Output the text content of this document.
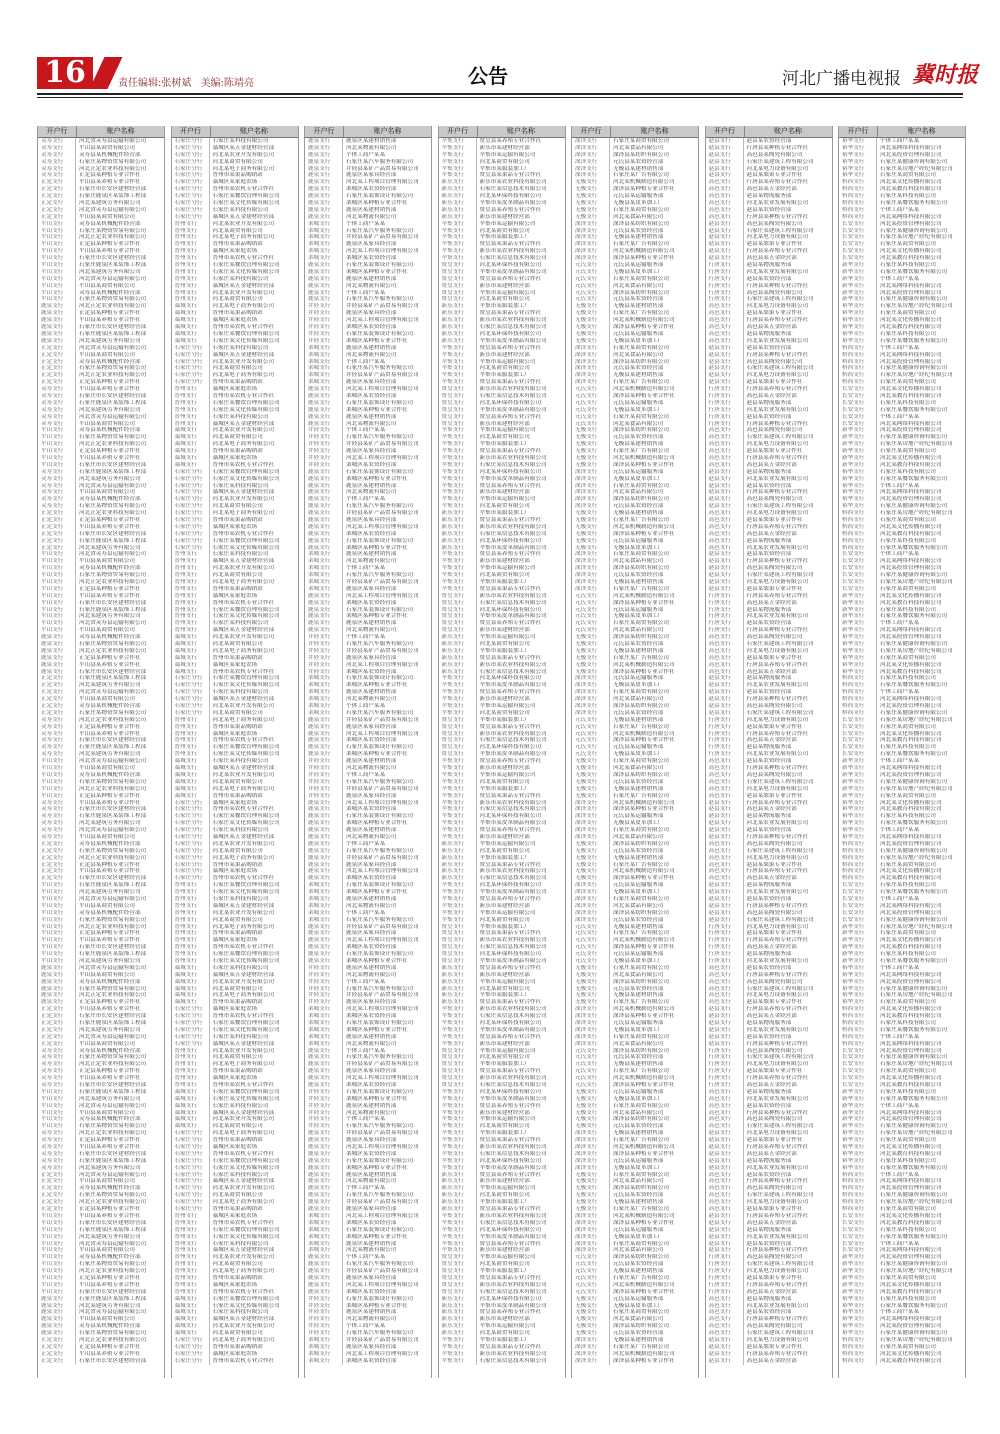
16	责任编辑:张树斌 美编:陈靖亮	公告	河北广播电视报 冀时报
开户行	账户名称
灵寿支行	河北省灵寿县运输有限公司
灵寿支行	平山县某商贸有限公司
灵寿支行	灵寿县某机械配件经营部
灵寿支行	石家庄某物资贸易有限公司
灵寿支行	河北正定农业科技有限公司
灵寿支行	正定县某种植专业合作社
正定支行	平山县某养殖专业合作社
正定支行	石家庄市长安区建材经营部
正定支行	石家庄鹿泉区某装饰工程部
正定支行	河北某建筑劳务有限公司
正定支行	河北省灵寿县运输有限公司
正定支行	平山县某商贸有限公司
平山支行	灵寿县某机械配件经营部
平山支行	石家庄某物资贸易有限公司
平山支行	河北正定农业科技有限公司
平山支行	正定县某种植专业合作社
平山支行	平山县某养殖专业合作社
平山支行	石家庄市长安区建材经营部
平山支行	石家庄鹿泉区某装饰工程部
平山支行	河北某建筑劳务有限公司
平山支行	河北省灵寿县运输有限公司
平山支行	平山县某商贸有限公司
平山支行	灵寿县某机械配件经营部
平山支行	石家庄某物资贸易有限公司
鹿泉支行	河北正定农业科技有限公司
鹿泉支行	正定县某种植专业合作社
鹿泉支行	平山县某养殖专业合作社
鹿泉支行	石家庄市长安区建材经营部
鹿泉支行	石家庄鹿泉区某装饰工程部
鹿泉支行	河北某建筑劳务有限公司
正定支行	河北省灵寿县运输有限公司
正定支行	平山县某商贸有限公司
正定支行	灵寿县某机械配件经营部
正定支行	石家庄某物资贸易有限公司
正定支行	河北正定农业科技有限公司
正定支行	正定县某种植专业合作社
灵寿支行	平山县某养殖专业合作社
灵寿支行	石家庄市长安区建材经营部
灵寿支行	石家庄鹿泉区某装饰工程部
灵寿支行	河北某建筑劳务有限公司
灵寿支行	河北省灵寿县运输有限公司
灵寿支行	平山县某商贸有限公司
平山支行	灵寿县某机械配件经营部
平山支行	石家庄某物资贸易有限公司
平山支行	河北正定农业科技有限公司
平山支行	正定县某种植专业合作社
平山支行	平山县某养殖专业合作社
平山支行	石家庄市长安区建材经营部
灵寿支行	石家庄鹿泉区某装饰工程部
灵寿支行	河北某建筑劳务有限公司
灵寿支行	河北省灵寿县运输有限公司
灵寿支行	平山县某商贸有限公司
灵寿支行	灵寿县某机械配件经营部
灵寿支行	石家庄某物资贸易有限公司
正定支行	河北正定农业科技有限公司
正定支行	正定县某种植专业合作社
正定支行	平山县某养殖专业合作社
正定支行	石家庄市长安区建材经营部
正定支行	石家庄鹿泉区某装饰工程部
正定支行	河北某建筑劳务有限公司
平山支行	河北省灵寿县运输有限公司
平山支行	平山县某商贸有限公司
平山支行	灵寿县某机械配件经营部
平山支行	石家庄某物资贸易有限公司
平山支行	河北正定农业科技有限公司
平山支行	正定县某种植专业合作社
平山支行	平山县某养殖专业合作社
平山支行	石家庄市长安区建材经营部
平山支行	石家庄鹿泉区某装饰工程部
平山支行	河北某建筑劳务有限公司
平山支行	河北省灵寿县运输有限公司
平山支行	平山县某商贸有限公司
鹿泉支行	灵寿县某机械配件经营部
鹿泉支行	石家庄某物资贸易有限公司
鹿泉支行	河北正定农业科技有限公司
鹿泉支行	正定县某种植专业合作社
鹿泉支行	平山县某养殖专业合作社
鹿泉支行	石家庄市长安区建材经营部
正定支行	石家庄鹿泉区某装饰工程部
正定支行	河北某建筑劳务有限公司
正定支行	河北省灵寿县运输有限公司
正定支行	平山县某商贸有限公司
正定支行	灵寿县某机械配件经营部
正定支行	石家庄某物资贸易有限公司
灵寿支行	河北正定农业科技有限公司
灵寿支行	正定县某种植专业合作社
灵寿支行	平山县某养殖专业合作社
灵寿支行	石家庄市长安区建材经营部
灵寿支行	石家庄鹿泉区某装饰工程部
灵寿支行	河北某建筑劳务有限公司
平山支行	河北省灵寿县运输有限公司
平山支行	平山县某商贸有限公司
平山支行	灵寿县某机械配件经营部
平山支行	石家庄某物资贸易有限公司
平山支行	河北正定农业科技有限公司
平山支行	正定县某种植专业合作社
灵寿支行	平山县某养殖专业合作社
灵寿支行	石家庄市长安区建材经营部
灵寿支行	石家庄鹿泉区某装饰工程部
灵寿支行	河北某建筑劳务有限公司
灵寿支行	河北省灵寿县运输有限公司
灵寿支行	平山县某商贸有限公司
正定支行	灵寿县某机械配件经营部
正定支行	石家庄某物资贸易有限公司
正定支行	河北正定农业科技有限公司
正定支行	正定县某种植专业合作社
正定支行	平山县某养殖专业合作社
正定支行	石家庄市长安区建材经营部
平山支行	石家庄鹿泉区某装饰工程部
平山支行	河北某建筑劳务有限公司
平山支行	河北省灵寿县运输有限公司
平山支行	平山县某商贸有限公司
平山支行	灵寿县某机械配件经营部
平山支行	石家庄某物资贸易有限公司
平山支行	河北正定农业科技有限公司
平山支行	正定县某种植专业合作社
平山支行	平山县某养殖专业合作社
平山支行	石家庄市长安区建材经营部
平山支行	石家庄鹿泉区某装饰工程部
平山支行	河北某建筑劳务有限公司
鹿泉支行	河北省灵寿县运输有限公司
鹿泉支行	平山县某商贸有限公司
鹿泉支行	灵寿县某机械配件经营部
鹿泉支行	石家庄某物资贸易有限公司
鹿泉支行	河北正定农业科技有限公司
鹿泉支行	正定县某种植专业合作社
正定支行	平山县某养殖专业合作社
正定支行	石家庄市长安区建材经营部
正定支行	石家庄鹿泉区某装饰工程部
正定支行	河北某建筑劳务有限公司
正定支行	河北省灵寿县运输有限公司
正定支行	平山县某商贸有限公司
灵寿支行	灵寿县某机械配件经营部
灵寿支行	石家庄某物资贸易有限公司
灵寿支行	河北正定农业科技有限公司
灵寿支行	正定县某种植专业合作社
灵寿支行	平山县某养殖专业合作社
灵寿支行	石家庄市长安区建材经营部
平山支行	石家庄鹿泉区某装饰工程部
平山支行	河北某建筑劳务有限公司
平山支行	河北省灵寿县运输有限公司
平山支行	平山县某商贸有限公司
平山支行	灵寿县某机械配件经营部
平山支行	石家庄某物资贸易有限公司
灵寿支行	河北正定农业科技有限公司
灵寿支行	正定县某种植专业合作社
灵寿支行	平山县某养殖专业合作社
灵寿支行	石家庄市长安区建材经营部
灵寿支行	石家庄鹿泉区某装饰工程部
灵寿支行	河北某建筑劳务有限公司
正定支行	河北省灵寿县运输有限公司
正定支行	平山县某商贸有限公司
正定支行	灵寿县某机械配件经营部
正定支行	石家庄某物资贸易有限公司
正定支行	河北正定农业科技有限公司
正定支行	正定县某种植专业合作社
平山支行	平山县某养殖专业合作社
平山支行	石家庄市长安区建材经营部
平山支行	石家庄鹿泉区某装饰工程部
平山支行	河北某建筑劳务有限公司
平山支行	河北省灵寿县运输有限公司
平山支行	平山县某商贸有限公司
平山支行	灵寿县某机械配件经营部
平山支行	石家庄某物资贸易有限公司
平山支行	河北正定农业科技有限公司
平山支行	正定县某种植专业合作社
平山支行	平山县某养殖专业合作社
平山支行	石家庄市长安区建材经营部
鹿泉支行	石家庄鹿泉区某装饰工程部
鹿泉支行	河北某建筑劳务有限公司
鹿泉支行	河北省灵寿县运输有限公司
鹿泉支行	平山县某商贸有限公司
鹿泉支行	灵寿县某机械配件经营部
鹿泉支行	石家庄某物资贸易有限公司
正定支行	河北正定农业科技有限公司
正定支行	正定县某种植专业合作社
正定支行	平山县某养殖专业合作社
正定支行	石家庄市长安区建材经营部
开户行	账户名称
石家庄分行	石家庄某科技有限公司
石家庄分行	藁城区某五金建材经营部
石家庄分行	河北某农业开发有限公司
石家庄分行	河北某商贸有限公司
石家庄分行	河北某电子商务有限公司
石家庄分行	晋州市某果品购销站
石家庄分行	藁城区某家庭农场
石家庄分行	晋州市某农机专业合作社
石家庄分行	石家庄某餐饮管理有限公司
石家庄分行	石家庄某文化传媒有限公司
石家庄分行	石家庄某科技有限公司
石家庄分行	藁城区某五金建材经营部
晋州支行	河北某农业开发有限公司
晋州支行	河北某商贸有限公司
晋州支行	河北某电子商务有限公司
晋州支行	晋州市某果品购销站
晋州支行	藁城区某家庭农场
晋州支行	晋州市某农机专业合作社
晋州支行	石家庄某餐饮管理有限公司
晋州支行	石家庄某文化传媒有限公司
晋州支行	石家庄某科技有限公司
晋州支行	藁城区某五金建材经营部
晋州支行	河北某农业开发有限公司
晋州支行	河北某商贸有限公司
藁城支行	河北某电子商务有限公司
藁城支行	晋州市某果品购销站
藁城支行	藁城区某家庭农场
藁城支行	晋州市某农机专业合作社
藁城支行	石家庄某餐饮管理有限公司
藁城支行	石家庄某文化传媒有限公司
石家庄分行	石家庄某科技有限公司
石家庄分行	藁城区某五金建材经营部
石家庄分行	河北某农业开发有限公司
石家庄分行	河北某商贸有限公司
石家庄分行	河北某电子商务有限公司
石家庄分行	晋州市某果品购销站
晋州支行	藁城区某家庭农场
晋州支行	晋州市某农机专业合作社
晋州支行	石家庄某餐饮管理有限公司
晋州支行	石家庄某文化传媒有限公司
晋州支行	石家庄某科技有限公司
晋州支行	藁城区某五金建材经营部
藁城支行	河北某农业开发有限公司
藁城支行	河北某商贸有限公司
藁城支行	河北某电子商务有限公司
藁城支行	晋州市某果品购销站
藁城支行	藁城区某家庭农场
藁城支行	晋州市某农机专业合作社
石家庄分行	石家庄某餐饮管理有限公司
石家庄分行	石家庄某文化传媒有限公司
石家庄分行	石家庄某科技有限公司
石家庄分行	藁城区某五金建材经营部
石家庄分行	河北某农业开发有限公司
石家庄分行	河北某商贸有限公司
石家庄分行	河北某电子商务有限公司
石家庄分行	晋州市某果品购销站
石家庄分行	藁城区某家庭农场
石家庄分行	晋州市某农机专业合作社
石家庄分行	石家庄某餐饮管理有限公司
石家庄分行	石家庄某文化传媒有限公司
晋州支行	石家庄某科技有限公司
晋州支行	藁城区某五金建材经营部
晋州支行	河北某农业开发有限公司
晋州支行	河北某商贸有限公司
晋州支行	河北某电子商务有限公司
晋州支行	晋州市某果品购销站
晋州支行	藁城区某家庭农场
晋州支行	晋州市某农机专业合作社
晋州支行	石家庄某餐饮管理有限公司
晋州支行	石家庄某文化传媒有限公司
晋州支行	石家庄某科技有限公司
晋州支行	藁城区某五金建材经营部
藁城支行	河北某农业开发有限公司
藁城支行	河北某商贸有限公司
藁城支行	河北某电子商务有限公司
藁城支行	晋州市某果品购销站
藁城支行	藁城区某家庭农场
藁城支行	晋州市某农机专业合作社
石家庄分行	石家庄某餐饮管理有限公司
石家庄分行	石家庄某文化传媒有限公司
石家庄分行	石家庄某科技有限公司
石家庄分行	藁城区某五金建材经营部
石家庄分行	河北某农业开发有限公司
石家庄分行	河北某商贸有限公司
晋州支行	河北某电子商务有限公司
晋州支行	晋州市某果品购销站
晋州支行	藁城区某家庭农场
晋州支行	晋州市某农机专业合作社
晋州支行	石家庄某餐饮管理有限公司
晋州支行	石家庄某文化传媒有限公司
藁城支行	石家庄某科技有限公司
藁城支行	藁城区某五金建材经营部
藁城支行	河北某农业开发有限公司
藁城支行	河北某商贸有限公司
藁城支行	河北某电子商务有限公司
藁城支行	晋州市某果品购销站
石家庄分行	藁城区某家庭农场
石家庄分行	晋州市某农机专业合作社
石家庄分行	石家庄某餐饮管理有限公司
石家庄分行	石家庄某文化传媒有限公司
石家庄分行	石家庄某科技有限公司
石家庄分行	藁城区某五金建材经营部
石家庄分行	河北某农业开发有限公司
石家庄分行	河北某商贸有限公司
石家庄分行	河北某电子商务有限公司
石家庄分行	晋州市某果品购销站
石家庄分行	藁城区某家庭农场
石家庄分行	晋州市某农机专业合作社
晋州支行	石家庄某餐饮管理有限公司
晋州支行	石家庄某文化传媒有限公司
晋州支行	石家庄某科技有限公司
晋州支行	藁城区某五金建材经营部
晋州支行	河北某农业开发有限公司
晋州支行	河北某商贸有限公司
晋州支行	河北某电子商务有限公司
晋州支行	晋州市某果品购销站
晋州支行	藁城区某家庭农场
晋州支行	晋州市某农机专业合作社
晋州支行	石家庄某餐饮管理有限公司
晋州支行	石家庄某文化传媒有限公司
藁城支行	石家庄某科技有限公司
藁城支行	藁城区某五金建材经营部
藁城支行	河北某农业开发有限公司
藁城支行	河北某商贸有限公司
藁城支行	河北某电子商务有限公司
藁城支行	晋州市某果品购销站
石家庄分行	藁城区某家庭农场
石家庄分行	晋州市某农机专业合作社
石家庄分行	石家庄某餐饮管理有限公司
石家庄分行	石家庄某文化传媒有限公司
石家庄分行	石家庄某科技有限公司
石家庄分行	藁城区某五金建材经营部
晋州支行	河北某农业开发有限公司
晋州支行	河北某商贸有限公司
晋州支行	河北某电子商务有限公司
晋州支行	晋州市某果品购销站
晋州支行	藁城区某家庭农场
晋州支行	晋州市某农机专业合作社
藁城支行	石家庄某餐饮管理有限公司
藁城支行	石家庄某文化传媒有限公司
藁城支行	石家庄某科技有限公司
藁城支行	藁城区某五金建材经营部
藁城支行	河北某农业开发有限公司
藁城支行	河北某商贸有限公司
石家庄分行	河北某电子商务有限公司
石家庄分行	晋州市某果品购销站
石家庄分行	藁城区某家庭农场
石家庄分行	晋州市某农机专业合作社
石家庄分行	石家庄某餐饮管理有限公司
石家庄分行	石家庄某文化传媒有限公司
石家庄分行	石家庄某科技有限公司
石家庄分行	藁城区某五金建材经营部
石家庄分行	河北某农业开发有限公司
石家庄分行	河北某商贸有限公司
石家庄分行	河北某电子商务有限公司
石家庄分行	晋州市某果品购销站
晋州支行	藁城区某家庭农场
晋州支行	晋州市某农机专业合作社
晋州支行	石家庄某餐饮管理有限公司
晋州支行	石家庄某文化传媒有限公司
晋州支行	石家庄某科技有限公司
晋州支行	藁城区某五金建材经营部
晋州支行	河北某农业开发有限公司
晋州支行	河北某商贸有限公司
晋州支行	河北某电子商务有限公司
晋州支行	晋州市某果品购销站
晋州支行	藁城区某家庭农场
晋州支行	晋州市某农机专业合作社
藁城支行	石家庄某餐饮管理有限公司
藁城支行	石家庄某文化传媒有限公司
藁城支行	石家庄某科技有限公司
藁城支行	藁城区某五金建材经营部
藁城支行	河北某农业开发有限公司
藁城支行	河北某商贸有限公司
石家庄分行	河北某电子商务有限公司
石家庄分行	晋州市某果品购销站
石家庄分行	藁城区某家庭农场
石家庄分行	晋州市某农机专业合作社
开户行	账户名称
鹿泉支行	鹿泉区某建材销售部
鹿泉支行	河北某物流有限公司
鹿泉支行	个体工商户某某
鹿泉支行	石家庄某汽车服务有限公司
鹿泉支行	井陉县某矿产品贸易有限公司
鹿泉支行	鹿泉区某家具经营部
鹿泉支行	河北某工程项目管理有限公司
鹿泉支行	栾城区某农资经营部
鹿泉支行	石家庄某装饰设计有限公司
鹿泉支行	栾城区某种植专业合作社
鹿泉支行	鹿泉区某建材销售部
鹿泉支行	河北某物流有限公司
栾城支行	个体工商户某某
栾城支行	石家庄某汽车服务有限公司
栾城支行	井陉县某矿产品贸易有限公司
栾城支行	鹿泉区某家具经营部
栾城支行	河北某工程项目管理有限公司
栾城支行	栾城区某农资经营部
鹿泉支行	石家庄某装饰设计有限公司
鹿泉支行	栾城区某种植专业合作社
鹿泉支行	鹿泉区某建材销售部
鹿泉支行	河北某物流有限公司
鹿泉支行	个体工商户某某
鹿泉支行	石家庄某汽车服务有限公司
井陉支行	井陉县某矿产品贸易有限公司
井陉支行	鹿泉区某家具经营部
井陉支行	河北某工程项目管理有限公司
井陉支行	栾城区某农资经营部
井陉支行	石家庄某装饰设计有限公司
井陉支行	栾城区某种植专业合作社
栾城支行	鹿泉区某建材销售部
栾城支行	河北某物流有限公司
栾城支行	个体工商户某某
栾城支行	石家庄某汽车服务有限公司
栾城支行	井陉县某矿产品贸易有限公司
栾城支行	鹿泉区某家具经营部
鹿泉支行	河北某工程项目管理有限公司
鹿泉支行	栾城区某农资经营部
鹿泉支行	石家庄某装饰设计有限公司
鹿泉支行	栾城区某种植专业合作社
鹿泉支行	鹿泉区某建材销售部
鹿泉支行	河北某物流有限公司
井陉支行	个体工商户某某
井陉支行	石家庄某汽车服务有限公司
井陉支行	井陉县某矿产品贸易有限公司
井陉支行	鹿泉区某家具经营部
井陉支行	河北某工程项目管理有限公司
井陉支行	栾城区某农资经营部
鹿泉支行	石家庄某装饰设计有限公司
鹿泉支行	栾城区某种植专业合作社
鹿泉支行	鹿泉区某建材销售部
鹿泉支行	河北某物流有限公司
鹿泉支行	个体工商户某某
鹿泉支行	石家庄某汽车服务有限公司
鹿泉支行	井陉县某矿产品贸易有限公司
鹿泉支行	鹿泉区某家具经营部
鹿泉支行	河北某工程项目管理有限公司
鹿泉支行	栾城区某农资经营部
鹿泉支行	石家庄某装饰设计有限公司
鹿泉支行	栾城区某种植专业合作社
栾城支行	鹿泉区某建材销售部
栾城支行	河北某物流有限公司
栾城支行	个体工商户某某
栾城支行	石家庄某汽车服务有限公司
栾城支行	井陉县某矿产品贸易有限公司
栾城支行	鹿泉区某家具经营部
鹿泉支行	河北某工程项目管理有限公司
鹿泉支行	栾城区某农资经营部
鹿泉支行	石家庄某装饰设计有限公司
鹿泉支行	栾城区某种植专业合作社
鹿泉支行	鹿泉区某建材销售部
鹿泉支行	河北某物流有限公司
井陉支行	个体工商户某某
井陉支行	石家庄某汽车服务有限公司
井陉支行	井陉县某矿产品贸易有限公司
井陉支行	鹿泉区某家具经营部
井陉支行	河北某工程项目管理有限公司
井陉支行	栾城区某农资经营部
栾城支行	石家庄某装饰设计有限公司
栾城支行	栾城区某种植专业合作社
栾城支行	鹿泉区某建材销售部
栾城支行	河北某物流有限公司
栾城支行	个体工商户某某
栾城支行	石家庄某汽车服务有限公司
鹿泉支行	井陉县某矿产品贸易有限公司
鹿泉支行	鹿泉区某家具经营部
鹿泉支行	河北某工程项目管理有限公司
鹿泉支行	栾城区某农资经营部
鹿泉支行	石家庄某装饰设计有限公司
鹿泉支行	栾城区某种植专业合作社
井陉支行	鹿泉区某建材销售部
井陉支行	河北某物流有限公司
井陉支行	个体工商户某某
井陉支行	石家庄某汽车服务有限公司
井陉支行	井陉县某矿产品贸易有限公司
井陉支行	鹿泉区某家具经营部
鹿泉支行	河北某工程项目管理有限公司
鹿泉支行	栾城区某农资经营部
鹿泉支行	石家庄某装饰设计有限公司
鹿泉支行	栾城区某种植专业合作社
鹿泉支行	鹿泉区某建材销售部
鹿泉支行	河北某物流有限公司
鹿泉支行	个体工商户某某
鹿泉支行	石家庄某汽车服务有限公司
鹿泉支行	井陉县某矿产品贸易有限公司
鹿泉支行	鹿泉区某家具经营部
鹿泉支行	河北某工程项目管理有限公司
鹿泉支行	栾城区某农资经营部
栾城支行	石家庄某装饰设计有限公司
栾城支行	栾城区某种植专业合作社
栾城支行	鹿泉区某建材销售部
栾城支行	河北某物流有限公司
栾城支行	个体工商户某某
栾城支行	石家庄某汽车服务有限公司
鹿泉支行	井陉县某矿产品贸易有限公司
鹿泉支行	鹿泉区某家具经营部
鹿泉支行	河北某工程项目管理有限公司
鹿泉支行	栾城区某农资经营部
鹿泉支行	石家庄某装饰设计有限公司
鹿泉支行	栾城区某种植专业合作社
井陉支行	鹿泉区某建材销售部
井陉支行	河北某物流有限公司
井陉支行	个体工商户某某
井陉支行	石家庄某汽车服务有限公司
井陉支行	井陉县某矿产品贸易有限公司
井陉支行	鹿泉区某家具经营部
栾城支行	河北某工程项目管理有限公司
栾城支行	栾城区某农资经营部
栾城支行	石家庄某装饰设计有限公司
栾城支行	栾城区某种植专业合作社
栾城支行	鹿泉区某建材销售部
栾城支行	河北某物流有限公司
鹿泉支行	个体工商户某某
鹿泉支行	石家庄某汽车服务有限公司
鹿泉支行	井陉县某矿产品贸易有限公司
鹿泉支行	鹿泉区某家具经营部
鹿泉支行	河北某工程项目管理有限公司
鹿泉支行	栾城区某农资经营部
井陉支行	石家庄某装饰设计有限公司
井陉支行	栾城区某种植专业合作社
井陉支行	鹿泉区某建材销售部
井陉支行	河北某物流有限公司
井陉支行	个体工商户某某
井陉支行	石家庄某汽车服务有限公司
鹿泉支行	井陉县某矿产品贸易有限公司
鹿泉支行	鹿泉区某家具经营部
鹿泉支行	河北某工程项目管理有限公司
鹿泉支行	栾城区某农资经营部
鹿泉支行	石家庄某装饰设计有限公司
鹿泉支行	栾城区某种植专业合作社
鹿泉支行	鹿泉区某建材销售部
鹿泉支行	河北某物流有限公司
鹿泉支行	个体工商户某某
鹿泉支行	石家庄某汽车服务有限公司
鹿泉支行	井陉县某矿产品贸易有限公司
鹿泉支行	鹿泉区某家具经营部
栾城支行	河北某工程项目管理有限公司
栾城支行	栾城区某农资经营部
栾城支行	石家庄某装饰设计有限公司
栾城支行	栾城区某种植专业合作社
栾城支行	鹿泉区某建材销售部
栾城支行	河北某物流有限公司
鹿泉支行	个体工商户某某
鹿泉支行	石家庄某汽车服务有限公司
鹿泉支行	井陉县某矿产品贸易有限公司
鹿泉支行	鹿泉区某家具经营部
鹿泉支行	河北某工程项目管理有限公司
鹿泉支行	栾城区某农资经营部
井陉支行	石家庄某装饰设计有限公司
井陉支行	栾城区某种植专业合作社
井陉支行	鹿泉区某建材销售部
井陉支行	河北某物流有限公司
井陉支行	个体工商户某某
井陉支行	石家庄某汽车服务有限公司
栾城支行	井陉县某矿产品贸易有限公司
栾城支行	鹿泉区某家具经营部
栾城支行	河北某工程项目管理有限公司
栾城支行	栾城区某农资经营部
开户行	账户名称
辛集支行	赞皇县某养殖专业合作社
辛集支行	新乐市某建材经营部
辛集支行	辛集市某运输有限公司
辛集支行	河北某商贸有限公司
辛集支行	辛集市某服装加工厂
辛集支行	赞皇县某果品专业合作社
新乐支行	新乐市某农业科技有限公司
新乐支行	石家庄某信息技术有限公司
新乐支行	河北某环保科技有限公司
新乐支行	辛集市某皮革制品有限公司
新乐支行	赞皇县某养殖专业合作社
新乐支行	新乐市某建材经营部
辛集支行	辛集市某运输有限公司
辛集支行	河北某商贸有限公司
辛集支行	辛集市某服装加工厂
辛集支行	赞皇县某果品专业合作社
辛集支行	新乐市某农业科技有限公司
辛集支行	石家庄某信息技术有限公司
赞皇支行	河北某环保科技有限公司
赞皇支行	辛集市某皮革制品有限公司
赞皇支行	赞皇县某养殖专业合作社
赞皇支行	新乐市某建材经营部
赞皇支行	辛集市某运输有限公司
赞皇支行	河北某商贸有限公司
新乐支行	辛集市某服装加工厂
新乐支行	赞皇县某果品专业合作社
新乐支行	新乐市某农业科技有限公司
新乐支行	石家庄某信息技术有限公司
新乐支行	河北某环保科技有限公司
新乐支行	辛集市某皮革制品有限公司
辛集支行	赞皇县某养殖专业合作社
辛集支行	新乐市某建材经营部
辛集支行	辛集市某运输有限公司
辛集支行	河北某商贸有限公司
辛集支行	辛集市某服装加工厂
辛集支行	赞皇县某果品专业合作社
赞皇支行	新乐市某农业科技有限公司
赞皇支行	石家庄某信息技术有限公司
赞皇支行	河北某环保科技有限公司
赞皇支行	辛集市某皮革制品有限公司
赞皇支行	赞皇县某养殖专业合作社
赞皇支行	新乐市某建材经营部
辛集支行	辛集市某运输有限公司
辛集支行	河北某商贸有限公司
辛集支行	辛集市某服装加工厂
辛集支行	赞皇县某果品专业合作社
辛集支行	新乐市某农业科技有限公司
辛集支行	石家庄某信息技术有限公司
辛集支行	河北某环保科技有限公司
辛集支行	辛集市某皮革制品有限公司
辛集支行	赞皇县某养殖专业合作社
辛集支行	新乐市某建材经营部
辛集支行	辛集市某运输有限公司
辛集支行	河北某商贸有限公司
新乐支行	辛集市某服装加工厂
新乐支行	赞皇县某果品专业合作社
新乐支行	新乐市某农业科技有限公司
新乐支行	石家庄某信息技术有限公司
新乐支行	河北某环保科技有限公司
新乐支行	辛集市某皮革制品有限公司
辛集支行	赞皇县某养殖专业合作社
辛集支行	新乐市某建材经营部
辛集支行	辛集市某运输有限公司
辛集支行	河北某商贸有限公司
辛集支行	辛集市某服装加工厂
辛集支行	赞皇县某果品专业合作社
赞皇支行	新乐市某农业科技有限公司
赞皇支行	石家庄某信息技术有限公司
赞皇支行	河北某环保科技有限公司
赞皇支行	辛集市某皮革制品有限公司
赞皇支行	赞皇县某养殖专业合作社
赞皇支行	新乐市某建材经营部
新乐支行	辛集市某运输有限公司
新乐支行	河北某商贸有限公司
新乐支行	辛集市某服装加工厂
新乐支行	赞皇县某果品专业合作社
新乐支行	新乐市某农业科技有限公司
新乐支行	石家庄某信息技术有限公司
辛集支行	河北某环保科技有限公司
辛集支行	辛集市某皮革制品有限公司
辛集支行	赞皇县某养殖专业合作社
辛集支行	新乐市某建材经营部
辛集支行	辛集市某运输有限公司
辛集支行	河北某商贸有限公司
赞皇支行	辛集市某服装加工厂
赞皇支行	赞皇县某果品专业合作社
赞皇支行	新乐市某农业科技有限公司
赞皇支行	石家庄某信息技术有限公司
赞皇支行	河北某环保科技有限公司
赞皇支行	辛集市某皮革制品有限公司
辛集支行	赞皇县某养殖专业合作社
辛集支行	新乐市某建材经营部
辛集支行	辛集市某运输有限公司
辛集支行	河北某商贸有限公司
辛集支行	辛集市某服装加工厂
辛集支行	赞皇县某果品专业合作社
辛集支行	新乐市某农业科技有限公司
辛集支行	石家庄某信息技术有限公司
辛集支行	河北某环保科技有限公司
辛集支行	辛集市某皮革制品有限公司
辛集支行	赞皇县某养殖专业合作社
辛集支行	新乐市某建材经营部
新乐支行	辛集市某运输有限公司
新乐支行	河北某商贸有限公司
新乐支行	辛集市某服装加工厂
新乐支行	赞皇县某果品专业合作社
新乐支行	新乐市某农业科技有限公司
新乐支行	石家庄某信息技术有限公司
辛集支行	河北某环保科技有限公司
辛集支行	辛集市某皮革制品有限公司
辛集支行	赞皇县某养殖专业合作社
辛集支行	新乐市某建材经营部
辛集支行	辛集市某运输有限公司
辛集支行	河北某商贸有限公司
赞皇支行	辛集市某服装加工厂
赞皇支行	赞皇县某果品专业合作社
赞皇支行	新乐市某农业科技有限公司
赞皇支行	石家庄某信息技术有限公司
赞皇支行	河北某环保科技有限公司
赞皇支行	辛集市某皮革制品有限公司
新乐支行	赞皇县某养殖专业合作社
新乐支行	新乐市某建材经营部
新乐支行	辛集市某运输有限公司
新乐支行	河北某商贸有限公司
新乐支行	辛集市某服装加工厂
新乐支行	赞皇县某果品专业合作社
辛集支行	新乐市某农业科技有限公司
辛集支行	石家庄某信息技术有限公司
辛集支行	河北某环保科技有限公司
辛集支行	辛集市某皮革制品有限公司
辛集支行	赞皇县某养殖专业合作社
辛集支行	新乐市某建材经营部
赞皇支行	辛集市某运输有限公司
赞皇支行	河北某商贸有限公司
赞皇支行	辛集市某服装加工厂
赞皇支行	赞皇县某果品专业合作社
赞皇支行	新乐市某农业科技有限公司
赞皇支行	石家庄某信息技术有限公司
辛集支行	河北某环保科技有限公司
辛集支行	辛集市某皮革制品有限公司
辛集支行	赞皇县某养殖专业合作社
辛集支行	新乐市某建材经营部
辛集支行	辛集市某运输有限公司
辛集支行	河北某商贸有限公司
辛集支行	辛集市某服装加工厂
辛集支行	赞皇县某果品专业合作社
辛集支行	新乐市某农业科技有限公司
辛集支行	石家庄某信息技术有限公司
辛集支行	河北某环保科技有限公司
辛集支行	辛集市某皮革制品有限公司
新乐支行	赞皇县某养殖专业合作社
新乐支行	新乐市某建材经营部
新乐支行	辛集市某运输有限公司
新乐支行	河北某商贸有限公司
新乐支行	辛集市某服装加工厂
新乐支行	赞皇县某果品专业合作社
辛集支行	新乐市某农业科技有限公司
辛集支行	石家庄某信息技术有限公司
辛集支行	河北某环保科技有限公司
辛集支行	辛集市某皮革制品有限公司
辛集支行	赞皇县某养殖专业合作社
辛集支行	新乐市某建材经营部
赞皇支行	辛集市某运输有限公司
赞皇支行	河北某商贸有限公司
赞皇支行	辛集市某服装加工厂
赞皇支行	赞皇县某果品专业合作社
赞皇支行	新乐市某农业科技有限公司
赞皇支行	石家庄某信息技术有限公司
新乐支行	河北某环保科技有限公司
新乐支行	辛集市某皮革制品有限公司
新乐支行	赞皇县某养殖专业合作社
新乐支行	新乐市某建材经营部
新乐支行	辛集市某运输有限公司
新乐支行	河北某商贸有限公司
辛集支行	辛集市某服装加工厂
辛集支行	赞皇县某果品专业合作社
辛集支行	新乐市某农业科技有限公司
辛集支行	石家庄某信息技术有限公司
开户行	账户名称
深泽支行	石家庄某商贸有限公司
深泽支行	河北某食品有限公司
深泽支行	深泽县某纺织有限公司
深泽支行	元氏县某农资经营部
深泽支行	无极县某建材销售部
深泽支行	石家庄某广告有限公司
无极支行	河北某机械制造有限公司
无极支行	深泽县某种植专业合作社
无极支行	元氏县某运输服务部
无极支行	无极县某皮革加工厂
无极支行	石家庄某商贸有限公司
无极支行	河北某食品有限公司
深泽支行	深泽县某纺织有限公司
深泽支行	元氏县某农资经营部
深泽支行	无极县某建材销售部
深泽支行	石家庄某广告有限公司
深泽支行	河北某机械制造有限公司
深泽支行	深泽县某种植专业合作社
元氏支行	元氏县某运输服务部
元氏支行	无极县某皮革加工厂
元氏支行	石家庄某商贸有限公司
元氏支行	河北某食品有限公司
元氏支行	深泽县某纺织有限公司
元氏支行	元氏县某农资经营部
无极支行	无极县某建材销售部
无极支行	石家庄某广告有限公司
无极支行	河北某机械制造有限公司
无极支行	深泽县某种植专业合作社
无极支行	元氏县某运输服务部
无极支行	无极县某皮革加工厂
深泽支行	石家庄某商贸有限公司
深泽支行	河北某食品有限公司
深泽支行	深泽县某纺织有限公司
深泽支行	元氏县某农资经营部
深泽支行	无极县某建材销售部
深泽支行	石家庄某广告有限公司
元氏支行	河北某机械制造有限公司
元氏支行	深泽县某种植专业合作社
元氏支行	元氏县某运输服务部
元氏支行	无极县某皮革加工厂
元氏支行	石家庄某商贸有限公司
元氏支行	河北某食品有限公司
无极支行	深泽县某纺织有限公司
无极支行	元氏县某农资经营部
无极支行	无极县某建材销售部
无极支行	石家庄某广告有限公司
无极支行	河北某机械制造有限公司
无极支行	深泽县某种植专业合作社
深泽支行	元氏县某运输服务部
深泽支行	无极县某皮革加工厂
深泽支行	石家庄某商贸有限公司
深泽支行	河北某食品有限公司
深泽支行	深泽县某纺织有限公司
深泽支行	元氏县某农资经营部
无极支行	无极县某建材销售部
无极支行	石家庄某广告有限公司
无极支行	河北某机械制造有限公司
无极支行	深泽县某种植专业合作社
无极支行	元氏县某运输服务部
无极支行	无极县某皮革加工厂
深泽支行	石家庄某商贸有限公司
深泽支行	河北某食品有限公司
深泽支行	深泽县某纺织有限公司
深泽支行	元氏县某农资经营部
深泽支行	无极县某建材销售部
深泽支行	石家庄某广告有限公司
元氏支行	河北某机械制造有限公司
元氏支行	深泽县某种植专业合作社
元氏支行	元氏县某运输服务部
元氏支行	无极县某皮革加工厂
元氏支行	石家庄某商贸有限公司
元氏支行	河北某食品有限公司
无极支行	深泽县某纺织有限公司
无极支行	元氏县某农资经营部
无极支行	无极县某建材销售部
无极支行	石家庄某广告有限公司
无极支行	河北某机械制造有限公司
无极支行	深泽县某种植专业合作社
深泽支行	元氏县某运输服务部
深泽支行	无极县某皮革加工厂
深泽支行	石家庄某商贸有限公司
深泽支行	河北某食品有限公司
深泽支行	深泽县某纺织有限公司
深泽支行	元氏县某农资经营部
元氏支行	无极县某建材销售部
元氏支行	石家庄某广告有限公司
元氏支行	河北某机械制造有限公司
元氏支行	深泽县某种植专业合作社
元氏支行	元氏县某运输服务部
元氏支行	无极县某皮革加工厂
无极支行	石家庄某商贸有限公司
无极支行	河北某食品有限公司
无极支行	深泽县某纺织有限公司
无极支行	元氏县某农资经营部
无极支行	无极县某建材销售部
无极支行	石家庄某广告有限公司
深泽支行	河北某机械制造有限公司
深泽支行	深泽县某种植专业合作社
深泽支行	元氏县某运输服务部
深泽支行	无极县某皮革加工厂
深泽支行	石家庄某商贸有限公司
深泽支行	河北某食品有限公司
无极支行	深泽县某纺织有限公司
无极支行	元氏县某农资经营部
无极支行	无极县某建材销售部
无极支行	石家庄某广告有限公司
无极支行	河北某机械制造有限公司
无极支行	深泽县某种植专业合作社
深泽支行	元氏县某运输服务部
深泽支行	无极县某皮革加工厂
深泽支行	石家庄某商贸有限公司
深泽支行	河北某食品有限公司
深泽支行	深泽县某纺织有限公司
深泽支行	元氏县某农资经营部
元氏支行	无极县某建材销售部
元氏支行	石家庄某广告有限公司
元氏支行	河北某机械制造有限公司
元氏支行	深泽县某种植专业合作社
元氏支行	元氏县某运输服务部
元氏支行	无极县某皮革加工厂
无极支行	石家庄某商贸有限公司
无极支行	河北某食品有限公司
无极支行	深泽县某纺织有限公司
无极支行	元氏县某农资经营部
无极支行	无极县某建材销售部
无极支行	石家庄某广告有限公司
深泽支行	河北某机械制造有限公司
深泽支行	深泽县某种植专业合作社
深泽支行	元氏县某运输服务部
深泽支行	无极县某皮革加工厂
深泽支行	石家庄某商贸有限公司
深泽支行	河北某食品有限公司
元氏支行	深泽县某纺织有限公司
元氏支行	元氏县某农资经营部
元氏支行	无极县某建材销售部
元氏支行	石家庄某广告有限公司
元氏支行	河北某机械制造有限公司
元氏支行	深泽县某种植专业合作社
无极支行	元氏县某运输服务部
无极支行	无极县某皮革加工厂
无极支行	石家庄某商贸有限公司
无极支行	河北某食品有限公司
无极支行	深泽县某纺织有限公司
无极支行	元氏县某农资经营部
深泽支行	无极县某建材销售部
深泽支行	石家庄某广告有限公司
深泽支行	河北某机械制造有限公司
深泽支行	深泽县某种植专业合作社
深泽支行	元氏县某运输服务部
深泽支行	无极县某皮革加工厂
无极支行	石家庄某商贸有限公司
无极支行	河北某食品有限公司
无极支行	深泽县某纺织有限公司
无极支行	元氏县某农资经营部
无极支行	无极县某建材销售部
无极支行	石家庄某广告有限公司
深泽支行	河北某机械制造有限公司
深泽支行	深泽县某种植专业合作社
深泽支行	元氏县某运输服务部
深泽支行	无极县某皮革加工厂
深泽支行	石家庄某商贸有限公司
深泽支行	河北某食品有限公司
元氏支行	深泽县某纺织有限公司
元氏支行	元氏县某农资经营部
元氏支行	无极县某建材销售部
元氏支行	石家庄某广告有限公司
元氏支行	河北某机械制造有限公司
元氏支行	深泽县某种植专业合作社
无极支行	元氏县某运输服务部
无极支行	无极县某皮革加工厂
无极支行	石家庄某商贸有限公司
无极支行	河北某食品有限公司
无极支行	深泽县某纺织有限公司
无极支行	元氏县某农资经营部
深泽支行	无极县某建材销售部
深泽支行	石家庄某广告有限公司
深泽支行	河北某机械制造有限公司
深泽支行	深泽县某种植专业合作社
开户行	账户名称
赵县支行	赵县某农资经营部
赵县支行	行唐县某种植专业合作社
赵县支行	高邑县某陶瓷有限公司
赵县支行	石家庄某建筑工程有限公司
赵县支行	河北某电力设备有限公司
赵县支行	赵县某梨果专业合作社
高邑支行	行唐县某养殖专业合作社
高邑支行	高邑县某五金经营部
高邑支行	赵县某物流服务部
高邑支行	河北某农业发展有限公司
高邑支行	赵县某农资经营部
高邑支行	行唐县某种植专业合作社
赵县支行	高邑县某陶瓷有限公司
赵县支行	石家庄某建筑工程有限公司
赵县支行	河北某电力设备有限公司
赵县支行	赵县某梨果专业合作社
赵县支行	行唐县某养殖专业合作社
赵县支行	高邑县某五金经营部
行唐支行	赵县某物流服务部
行唐支行	河北某农业发展有限公司
行唐支行	赵县某农资经营部
行唐支行	行唐县某种植专业合作社
行唐支行	高邑县某陶瓷有限公司
行唐支行	石家庄某建筑工程有限公司
高邑支行	河北某电力设备有限公司
高邑支行	赵县某梨果专业合作社
高邑支行	行唐县某养殖专业合作社
高邑支行	高邑县某五金经营部
高邑支行	赵县某物流服务部
高邑支行	河北某农业发展有限公司
赵县支行	赵县某农资经营部
赵县支行	行唐县某种植专业合作社
赵县支行	高邑县某陶瓷有限公司
赵县支行	石家庄某建筑工程有限公司
赵县支行	河北某电力设备有限公司
赵县支行	赵县某梨果专业合作社
行唐支行	行唐县某养殖专业合作社
行唐支行	高邑县某五金经营部
行唐支行	赵县某物流服务部
行唐支行	河北某农业发展有限公司
行唐支行	赵县某农资经营部
行唐支行	行唐县某种植专业合作社
高邑支行	高邑县某陶瓷有限公司
高邑支行	石家庄某建筑工程有限公司
高邑支行	河北某电力设备有限公司
高邑支行	赵县某梨果专业合作社
高邑支行	行唐县某养殖专业合作社
高邑支行	高邑县某五金经营部
赵县支行	赵县某物流服务部
赵县支行	河北某农业发展有限公司
赵县支行	赵县某农资经营部
赵县支行	行唐县某种植专业合作社
赵县支行	高邑县某陶瓷有限公司
赵县支行	石家庄某建筑工程有限公司
高邑支行	河北某电力设备有限公司
高邑支行	赵县某梨果专业合作社
高邑支行	行唐县某养殖专业合作社
高邑支行	高邑县某五金经营部
高邑支行	赵县某物流服务部
高邑支行	河北某农业发展有限公司
赵县支行	赵县某农资经营部
赵县支行	行唐县某种植专业合作社
赵县支行	高邑县某陶瓷有限公司
赵县支行	石家庄某建筑工程有限公司
赵县支行	河北某电力设备有限公司
赵县支行	赵县某梨果专业合作社
行唐支行	行唐县某养殖专业合作社
行唐支行	高邑县某五金经营部
行唐支行	赵县某物流服务部
行唐支行	河北某农业发展有限公司
行唐支行	赵县某农资经营部
行唐支行	行唐县某种植专业合作社
高邑支行	高邑县某陶瓷有限公司
高邑支行	石家庄某建筑工程有限公司
高邑支行	河北某电力设备有限公司
高邑支行	赵县某梨果专业合作社
高邑支行	行唐县某养殖专业合作社
高邑支行	高邑县某五金经营部
赵县支行	赵县某物流服务部
赵县支行	河北某农业发展有限公司
赵县支行	赵县某农资经营部
赵县支行	行唐县某种植专业合作社
赵县支行	高邑县某陶瓷有限公司
赵县支行	石家庄某建筑工程有限公司
行唐支行	河北某电力设备有限公司
行唐支行	赵县某梨果专业合作社
行唐支行	行唐县某养殖专业合作社
行唐支行	高邑县某五金经营部
行唐支行	赵县某物流服务部
行唐支行	河北某农业发展有限公司
高邑支行	赵县某农资经营部
高邑支行	行唐县某种植专业合作社
高邑支行	高邑县某陶瓷有限公司
高邑支行	石家庄某建筑工程有限公司
高邑支行	河北某电力设备有限公司
高邑支行	赵县某梨果专业合作社
赵县支行	行唐县某养殖专业合作社
赵县支行	高邑县某五金经营部
赵县支行	赵县某物流服务部
赵县支行	河北某农业发展有限公司
赵县支行	赵县某农资经营部
赵县支行	行唐县某种植专业合作社
高邑支行	高邑县某陶瓷有限公司
高邑支行	石家庄某建筑工程有限公司
高邑支行	河北某电力设备有限公司
高邑支行	赵县某梨果专业合作社
高邑支行	行唐县某养殖专业合作社
高邑支行	高邑县某五金经营部
赵县支行	赵县某物流服务部
赵县支行	河北某农业发展有限公司
赵县支行	赵县某农资经营部
赵县支行	行唐县某种植专业合作社
赵县支行	高邑县某陶瓷有限公司
赵县支行	石家庄某建筑工程有限公司
行唐支行	河北某电力设备有限公司
行唐支行	赵县某梨果专业合作社
行唐支行	行唐县某养殖专业合作社
行唐支行	高邑县某五金经营部
行唐支行	赵县某物流服务部
行唐支行	河北某农业发展有限公司
高邑支行	赵县某农资经营部
高邑支行	行唐县某种植专业合作社
高邑支行	高邑县某陶瓷有限公司
高邑支行	石家庄某建筑工程有限公司
高邑支行	河北某电力设备有限公司
高邑支行	赵县某梨果专业合作社
赵县支行	行唐县某养殖专业合作社
赵县支行	高邑县某五金经营部
赵县支行	赵县某物流服务部
赵县支行	河北某农业发展有限公司
赵县支行	赵县某农资经营部
赵县支行	行唐县某种植专业合作社
行唐支行	高邑县某陶瓷有限公司
行唐支行	石家庄某建筑工程有限公司
行唐支行	河北某电力设备有限公司
行唐支行	赵县某梨果专业合作社
行唐支行	行唐县某养殖专业合作社
行唐支行	高邑县某五金经营部
高邑支行	赵县某物流服务部
高邑支行	河北某农业发展有限公司
高邑支行	赵县某农资经营部
高邑支行	行唐县某种植专业合作社
高邑支行	高邑县某陶瓷有限公司
高邑支行	石家庄某建筑工程有限公司
赵县支行	河北某电力设备有限公司
赵县支行	赵县某梨果专业合作社
赵县支行	行唐县某养殖专业合作社
赵县支行	高邑县某五金经营部
赵县支行	赵县某物流服务部
赵县支行	河北某农业发展有限公司
高邑支行	赵县某农资经营部
高邑支行	行唐县某种植专业合作社
高邑支行	高邑县某陶瓷有限公司
高邑支行	石家庄某建筑工程有限公司
高邑支行	河北某电力设备有限公司
高邑支行	赵县某梨果专业合作社
赵县支行	行唐县某养殖专业合作社
赵县支行	高邑县某五金经营部
赵县支行	赵县某物流服务部
赵县支行	河北某农业发展有限公司
赵县支行	赵县某农资经营部
赵县支行	行唐县某种植专业合作社
行唐支行	高邑县某陶瓷有限公司
行唐支行	石家庄某建筑工程有限公司
行唐支行	河北某电力设备有限公司
行唐支行	赵县某梨果专业合作社
行唐支行	行唐县某养殖专业合作社
行唐支行	高邑县某五金经营部
高邑支行	赵县某物流服务部
高邑支行	河北某农业发展有限公司
高邑支行	赵县某农资经营部
高邑支行	行唐县某种植专业合作社
高邑支行	高邑县某陶瓷有限公司
高邑支行	石家庄某建筑工程有限公司
赵县支行	河北某电力设备有限公司
赵县支行	赵县某梨果专业合作社
赵县支行	行唐县某养殖专业合作社
赵县支行	高邑县某五金经营部
开户行	账户名称
裕华支行	个体工商户某某
裕华支行	河北某网络科技有限公司
裕华支行	河北某投资管理有限公司
裕华支行	石家庄某健康咨询有限公司
裕华支行	石家庄某房地产经纪有限公司
裕华支行	石家庄某商贸有限公司
桥西支行	河北某文化传播有限公司
桥西支行	河北某教育科技有限公司
桥西支行	石家庄某科技有限公司
桥西支行	石家庄某餐饮服务有限公司
桥西支行	个体工商户某某
桥西支行	河北某网络科技有限公司
长安支行	河北某投资管理有限公司
长安支行	石家庄某健康咨询有限公司
长安支行	石家庄某房地产经纪有限公司
长安支行	石家庄某商贸有限公司
长安支行	河北某文化传播有限公司
长安支行	河北某教育科技有限公司
新华支行	石家庄某科技有限公司
新华支行	石家庄某餐饮服务有限公司
新华支行	个体工商户某某
新华支行	河北某网络科技有限公司
新华支行	河北某投资管理有限公司
新华支行	石家庄某健康咨询有限公司
裕华支行	石家庄某房地产经纪有限公司
裕华支行	石家庄某商贸有限公司
裕华支行	河北某文化传播有限公司
裕华支行	河北某教育科技有限公司
裕华支行	石家庄某科技有限公司
裕华支行	石家庄某餐饮服务有限公司
桥西支行	个体工商户某某
桥西支行	河北某网络科技有限公司
桥西支行	河北某投资管理有限公司
桥西支行	石家庄某健康咨询有限公司
桥西支行	石家庄某房地产经纪有限公司
桥西支行	石家庄某商贸有限公司
长安支行	河北某文化传播有限公司
长安支行	河北某教育科技有限公司
长安支行	石家庄某科技有限公司
长安支行	石家庄某餐饮服务有限公司
长安支行	个体工商户某某
长安支行	河北某网络科技有限公司
新华支行	河北某投资管理有限公司
新华支行	石家庄某健康咨询有限公司
新华支行	石家庄某房地产经纪有限公司
新华支行	石家庄某商贸有限公司
新华支行	河北某文化传播有限公司
新华支行	河北某教育科技有限公司
裕华支行	石家庄某科技有限公司
裕华支行	石家庄某餐饮服务有限公司
裕华支行	个体工商户某某
裕华支行	河北某网络科技有限公司
裕华支行	河北某投资管理有限公司
裕华支行	石家庄某健康咨询有限公司
桥西支行	石家庄某房地产经纪有限公司
桥西支行	石家庄某商贸有限公司
桥西支行	河北某文化传播有限公司
桥西支行	河北某教育科技有限公司
桥西支行	石家庄某科技有限公司
桥西支行	石家庄某餐饮服务有限公司
长安支行	个体工商户某某
长安支行	河北某网络科技有限公司
长安支行	河北某投资管理有限公司
长安支行	石家庄某健康咨询有限公司
长安支行	石家庄某房地产经纪有限公司
长安支行	石家庄某商贸有限公司
新华支行	河北某文化传播有限公司
新华支行	河北某教育科技有限公司
新华支行	石家庄某科技有限公司
新华支行	石家庄某餐饮服务有限公司
新华支行	个体工商户某某
新华支行	河北某网络科技有限公司
裕华支行	河北某投资管理有限公司
裕华支行	石家庄某健康咨询有限公司
裕华支行	石家庄某房地产经纪有限公司
裕华支行	石家庄某商贸有限公司
裕华支行	河北某文化传播有限公司
裕华支行	河北某教育科技有限公司
桥西支行	石家庄某科技有限公司
桥西支行	石家庄某餐饮服务有限公司
桥西支行	个体工商户某某
桥西支行	河北某网络科技有限公司
桥西支行	河北某投资管理有限公司
桥西支行	石家庄某健康咨询有限公司
长安支行	石家庄某房地产经纪有限公司
长安支行	石家庄某商贸有限公司
长安支行	河北某文化传播有限公司
长安支行	河北某教育科技有限公司
长安支行	石家庄某科技有限公司
长安支行	石家庄某餐饮服务有限公司
新华支行	个体工商户某某
新华支行	河北某网络科技有限公司
新华支行	河北某投资管理有限公司
新华支行	石家庄某健康咨询有限公司
新华支行	石家庄某房地产经纪有限公司
新华支行	石家庄某商贸有限公司
裕华支行	河北某文化传播有限公司
裕华支行	河北某教育科技有限公司
裕华支行	石家庄某科技有限公司
裕华支行	石家庄某餐饮服务有限公司
裕华支行	个体工商户某某
裕华支行	河北某网络科技有限公司
桥西支行	河北某投资管理有限公司
桥西支行	石家庄某健康咨询有限公司
桥西支行	石家庄某房地产经纪有限公司
桥西支行	石家庄某商贸有限公司
桥西支行	河北某文化传播有限公司
桥西支行	河北某教育科技有限公司
长安支行	石家庄某科技有限公司
长安支行	石家庄某餐饮服务有限公司
长安支行	个体工商户某某
长安支行	河北某网络科技有限公司
长安支行	河北某投资管理有限公司
长安支行	石家庄某健康咨询有限公司
新华支行	石家庄某房地产经纪有限公司
新华支行	石家庄某商贸有限公司
新华支行	河北某文化传播有限公司
新华支行	河北某教育科技有限公司
新华支行	石家庄某科技有限公司
新华支行	石家庄某餐饮服务有限公司
裕华支行	个体工商户某某
裕华支行	河北某网络科技有限公司
裕华支行	河北某投资管理有限公司
裕华支行	石家庄某健康咨询有限公司
裕华支行	石家庄某房地产经纪有限公司
裕华支行	石家庄某商贸有限公司
桥西支行	河北某文化传播有限公司
桥西支行	河北某教育科技有限公司
桥西支行	石家庄某科技有限公司
桥西支行	石家庄某餐饮服务有限公司
桥西支行	个体工商户某某
桥西支行	河北某网络科技有限公司
长安支行	河北某投资管理有限公司
长安支行	石家庄某健康咨询有限公司
长安支行	石家庄某房地产经纪有限公司
长安支行	石家庄某商贸有限公司
长安支行	河北某文化传播有限公司
长安支行	河北某教育科技有限公司
新华支行	石家庄某科技有限公司
新华支行	石家庄某餐饮服务有限公司
新华支行	个体工商户某某
新华支行	河北某网络科技有限公司
新华支行	河北某投资管理有限公司
新华支行	石家庄某健康咨询有限公司
裕华支行	石家庄某房地产经纪有限公司
裕华支行	石家庄某商贸有限公司
裕华支行	河北某文化传播有限公司
裕华支行	河北某教育科技有限公司
裕华支行	石家庄某科技有限公司
裕华支行	石家庄某餐饮服务有限公司
桥西支行	个体工商户某某
桥西支行	河北某网络科技有限公司
桥西支行	河北某投资管理有限公司
桥西支行	石家庄某健康咨询有限公司
桥西支行	石家庄某房地产经纪有限公司
桥西支行	石家庄某商贸有限公司
长安支行	河北某文化传播有限公司
长安支行	河北某教育科技有限公司
长安支行	石家庄某科技有限公司
长安支行	石家庄某餐饮服务有限公司
长安支行	个体工商户某某
长安支行	河北某网络科技有限公司
新华支行	河北某投资管理有限公司
新华支行	石家庄某健康咨询有限公司
新华支行	石家庄某房地产经纪有限公司
新华支行	石家庄某商贸有限公司
新华支行	河北某文化传播有限公司
新华支行	河北某教育科技有限公司
裕华支行	石家庄某科技有限公司
裕华支行	石家庄某餐饮服务有限公司
裕华支行	个体工商户某某
裕华支行	河北某网络科技有限公司
裕华支行	河北某投资管理有限公司
裕华支行	石家庄某健康咨询有限公司
桥西支行	石家庄某房地产经纪有限公司
桥西支行	石家庄某商贸有限公司
桥西支行	河北某文化传播有限公司
桥西支行	河北某教育科技有限公司
